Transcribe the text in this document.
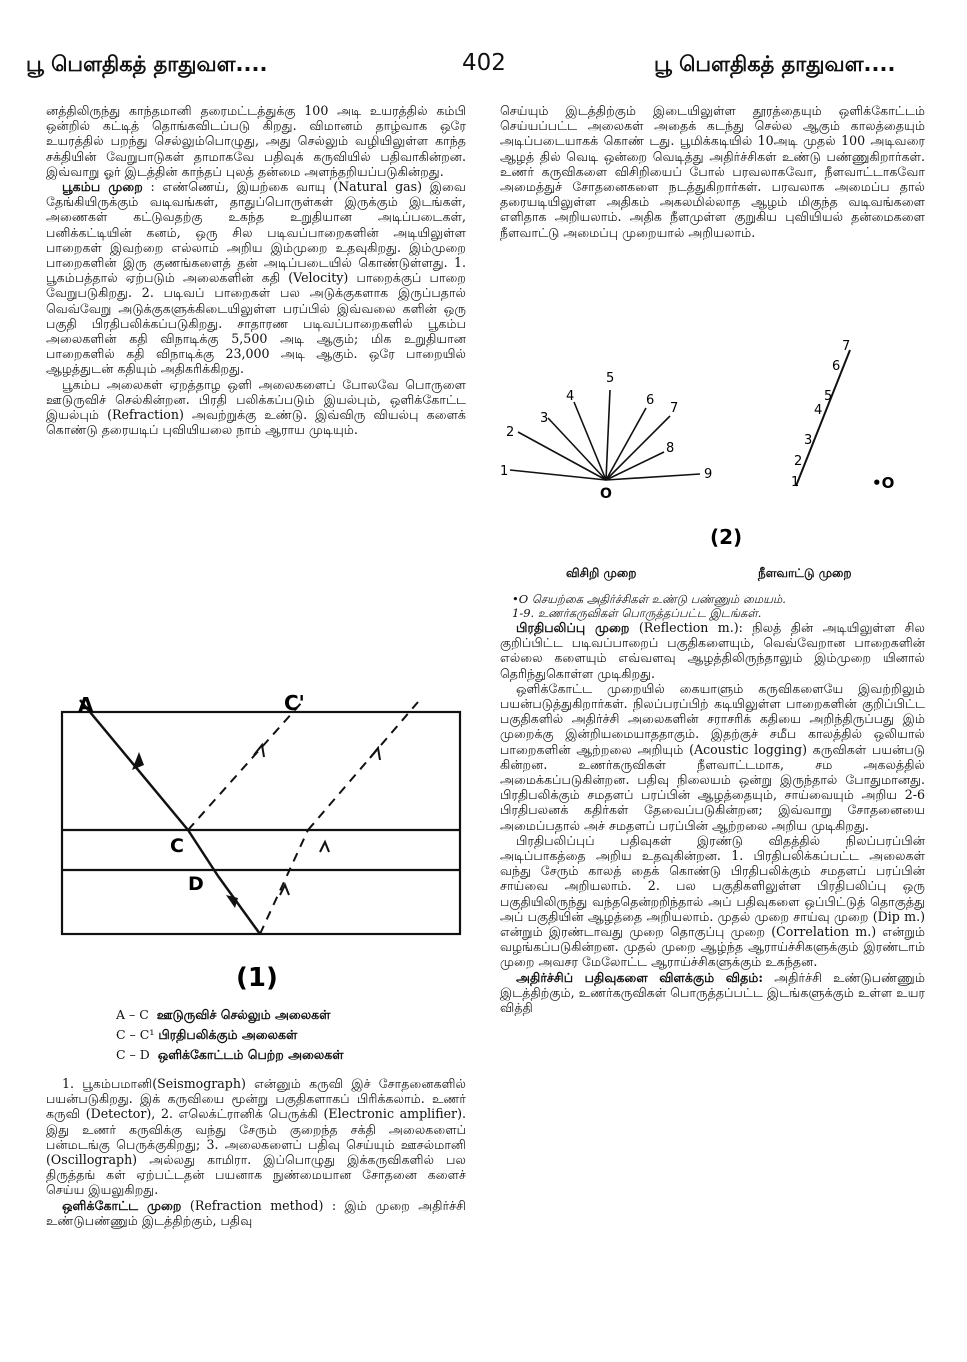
பூ பௌதிகத் தாதுவள....	402	பூ பௌதிகத் தாதுவள....

னத்திலிருந்து காந்தமானி தரைமட்டத்துக்கு 100 அடி உயரத்தில் கம்பி ஒன்றில் கட்டித் தொங்கவிடப்படு கிறது. விமானம் தாழ்வாக ஒரே உயரத்தில் பறந்து செல்லும்பொழுது, அது செல்லும் வழியிலுள்ள காந்த சக்தியின் வேறுபாடுகள் தாமாகவே பதிவுக் கருவியில் பதிவாகின்றன. இவ்வாறு ஓர் இடத்தின் காந்தப் புலத் தன்மை அளந்தறியப்படுகின்றது.

பூகம்ப முறை : எண்ணெய், இயற்கை வாயு (Natural gas) இவை தேங்கியிருக்கும் வடிவங்கள், தாதுப்பொருள்கள் இருக்கும் இடங்கள், அணைகள் கட்டுவதற்கு உகந்த உறுதியான அடிப்படைகள், பனிக்கட்டியின் கனம், ஒரு சில படிவப்பாறைகளின் அடியிலுள்ள பாறைகள் இவற்றை எல்லாம் அறிய இம்முறை உதவுகிறது. இம்முறை பாறைகளின் இரு குணங்களைத் தன் அடிப்படையில் கொண்டுள்ளது. 1. பூகம்பத்தால் ஏற்படும் அலைகளின் கதி (Velocity) பாறைக்குப் பாறை வேறுபடுகிறது. 2. படிவப் பாறைகள் பல அடுக்குகளாக இருப்பதால் வெவ்வேறு அடுக்குகளுக்கிடையிலுள்ள பரப்பில் இவ்வலை களின் ஒரு பகுதி பிரதிபலிக்கப்படுகிறது. சாதாரண படிவப்பாறைகளில் பூகம்ப அலைகளின் கதி விநாடிக்கு 5,500 அடி ஆகும்; மிக உறுதியான பாறைகளில் கதி விநாடிக்கு 23,000 அடி ஆகும். ஒரே பாறையில் ஆழத்துடன் கதியும் அதிகரிக்கிறது.

பூகம்ப அலைகள் ஏறத்தாழ ஒளி அலைகளைப் போலவே பொருளை ஊடுருவிச் செல்கின்றன. பிரதி பலிக்கப்படும் இயல்பும், ஒளிக்கோட்ட இயல்பும் (Refraction) அவற்றுக்கு உண்டு. இவ்விரு வியல்பு களைக் கொண்டு தரையடிப் புவியியலை நாம் ஆராய முடியும்.

A	C'
C
D
(1)
A – C ஊடுருவிச் செல்லும் அலைகள்
C – C¹ பிரதிபலிக்கும் அலைகள்
C – D ஒளிக்கோட்டம் பெற்ற அலைகள்

1. பூகம்பமானி(Seismograph) என்னும் கருவி இச் சோதனைகளில் பயன்படுகிறது. இக் கருவியை மூன்று பகுதிகளாகப் பிரிக்கலாம். உணர் கருவி (Detector), 2. எலெக்ட்ரானிக் பெருக்கி (Electronic amplifier). இது உணர் கருவிக்கு வந்து சேரும் குறைந்த சக்தி அலைகளைப் பன்மடங்கு பெருக்குகிறது; 3. அலைகளைப் பதிவு செய்யும் ஊசல்மானி (Oscillograph) அல்லது காமிரா. இப்பொழுது இக்கருவிகளில் பல திருத்தங் கள் ஏற்பட்டதன் பயனாக நுண்மையான சோதனை களைச் செய்ய இயலுகிறது.

ஒளிக்கோட்ட முறை (Refraction method) : இம் முறை அதிர்ச்சி உண்டுபண்ணும் இடத்திற்கும், பதிவு

செய்யும் இடத்திற்கும் இடையிலுள்ள தூரத்தையும் ஒளிக்கோட்டம் செய்யப்பட்ட அலைகள் அதைக் கடந்து செல்ல ஆகும் காலத்தையும் அடிப்படையாகக் கொண் டது. பூமிக்கடியில் 10அடி முதல் 100 அடிவரை ஆழத் தில் வெடி ஒன்றை வெடித்து அதிர்ச்சிகள் உண்டு பண்ணுகிறார்கள். உணர் கருவிகளை விசிறியைப் போல் பரவலாகவோ, நீளவாட்டாகவோ அமைத்துச் சோதனைகளை நடத்துகிறார்கள். பரவலாக அமைப்ப தால் தரையடியிலுள்ள அதிகம் அகலமில்லாத ஆழம் மிகுந்த வடிவங்களை எளிதாக அறியலாம். அதிக நீளமுள்ள குறுகிய புவியியல் தன்மைகளை நீளவாட்டு அமைப்பு முறையால் அறியலாம்.

1
2
3
4
5
6
7
8
9
O
1
2
3
4
5
6
7
•O
(2)
விசிறி முறை	நீளவாட்டு முறை
•O செயற்கை அதிர்ச்சிகள் உண்டு பண்ணும் மையம்.
1-9. உணர்கருவிகள் பொருத்தப்பட்ட இடங்கள்.

பிரதிபலிப்பு முறை (Reflection m.): நிலத் தின் அடியிலுள்ள சில குறிப்பிட்ட படிவப்பாறைப் பகுதிகளையும், வெவ்வேறான பாறைகளின் எல்லை களையும் எவ்வளவு ஆழத்திலிருந்தாலும் இம்முறை யினால் தெரிந்துகொள்ள முடிகிறது.

ஒளிக்கோட்ட முறையில் கையாளும் கருவிகளையே இவற்றிலும் பயன்படுத்துகிறார்கள். நிலப்பரப்பிற் கடியிலுள்ள பாறைகளின் குறிப்பிட்ட பகுதிகளில் அதிர்ச்சி அலைகளின் சராசரிக் கதியை அறிந்திருப்பது இம் முறைக்கு இன்றியமையாததாகும். இதற்குச் சமீப காலத்தில் ஒலியால் பாறைகளின் ஆற்றலை அறியும் (Acoustic logging) கருவிகள் பயன்படு கின்றன. உணர்கருவிகள் நீளவாட்டமாக, சம அகலத்தில் அமைக்கப்படுகின்றன. பதிவு நிலையம் ஒன்று இருந்தால் போதுமானது. பிரதிபலிக்கும் சமதளப் பரப்பின் ஆழத்தையும், சாய்வையும் அறிய 2-6 பிரதிபலனக் கதிர்கள் தேவைப்படுகின்றன; இவ்வாறு சோதனையை அமைப்பதால் அச் சமதளப் பரப்பின் ஆற்றலை அறிய முடிகிறது.

பிரதிபலிப்புப் பதிவுகள் இரண்டு விதத்தில் நிலப்பரப்பின் அடிப்பாகத்தை அறிய உதவுகின்றன. 1. பிரதிபலிக்கப்பட்ட அலைகள் வந்து சேரும் காலத் தைக் கொண்டு பிரதிபலிக்கும் சமதளப் பரப்பின் சாய்வை அறியலாம். 2. பல பகுதிகளிலுள்ள பிரதிபலிப்பு ஒரு பகுதியிலிருந்து வந்ததென்றறிந்தால் அப் பதிவுகளை ஒப்பிட்டுத் தொகுத்து அப் பகுதியின் ஆழத்தை அறியலாம். முதல் முறை சாய்வு முறை (Dip m.) என்றும் இரண்டாவது முறை தொகுப்பு முறை (Correlation m.) என்றும் வழங்கப்படுகின்றன. முதல் முறை ஆழ்ந்த ஆராய்ச்சிகளுக்கும் இரண்டாம் முறை அவசர மேலோட்ட ஆராய்ச்சிகளுக்கும் உகந்தன.

அதிர்ச்சிப் பதிவுகளை விளக்கும் விதம்: அதிர்ச்சி உண்டுபண்ணும் இடத்திற்கும், உணர்கருவிகள் பொருத்தப்பட்ட இடங்களுக்கும் உள்ள உயர வித்தி
